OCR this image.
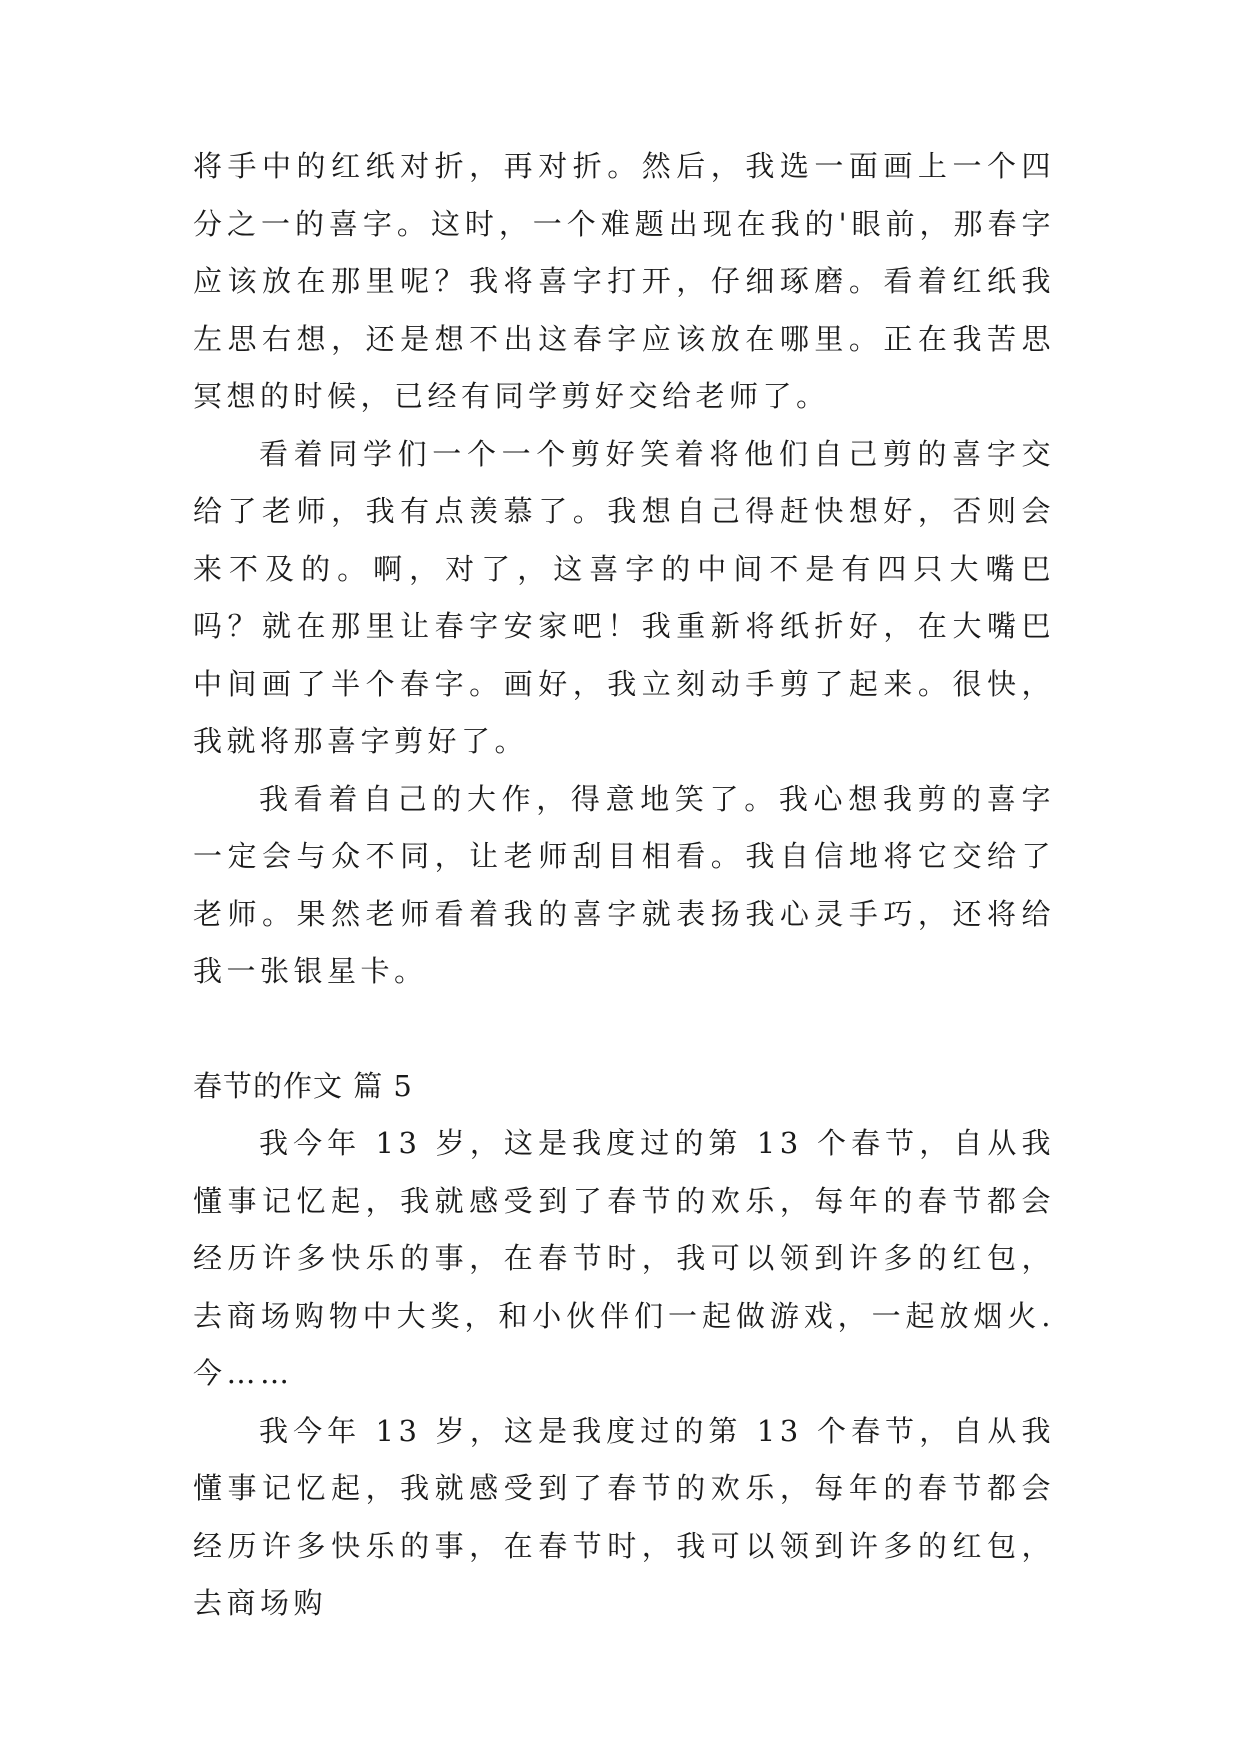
将手中的红纸对折，再对折。然后，我选一面画上一个四分之一的喜字。这时，一个难题出现在我的'眼前，那春字应该放在那里呢？我将喜字打开，仔细琢磨。看着红纸我左思右想，还是想不出这春字应该放在哪里。正在我苦思冥想的时候，已经有同学剪好交给老师了。

看着同学们一个一个剪好笑着将他们自己剪的喜字交给了老师，我有点羡慕了。我想自己得赶快想好，否则会来不及的。啊，对了，这喜字的中间不是有四只大嘴巴吗？就在那里让春字安家吧！我重新将纸折好，在大嘴巴中间画了半个春字。画好，我立刻动手剪了起来。很快，我就将那喜字剪好了。

我看着自己的大作，得意地笑了。我心想我剪的喜字一定会与众不同，让老师刮目相看。我自信地将它交给了老师。果然老师看着我的喜字就表扬我心灵手巧，还将给我一张银星卡。

春节的作文 篇 5

我今年 13 岁，这是我度过的第 13 个春节，自从我懂事记忆起，我就感受到了春节的欢乐，每年的春节都会经历许多快乐的事，在春节时，我可以领到许多的红包，去商场购物中大奖，和小伙伴们一起做游戏，一起放烟火.今……

我今年 13 岁，这是我度过的第 13 个春节，自从我懂事记忆起，我就感受到了春节的欢乐，每年的春节都会经历许多快乐的事，在春节时，我可以领到许多的红包，去商场购
